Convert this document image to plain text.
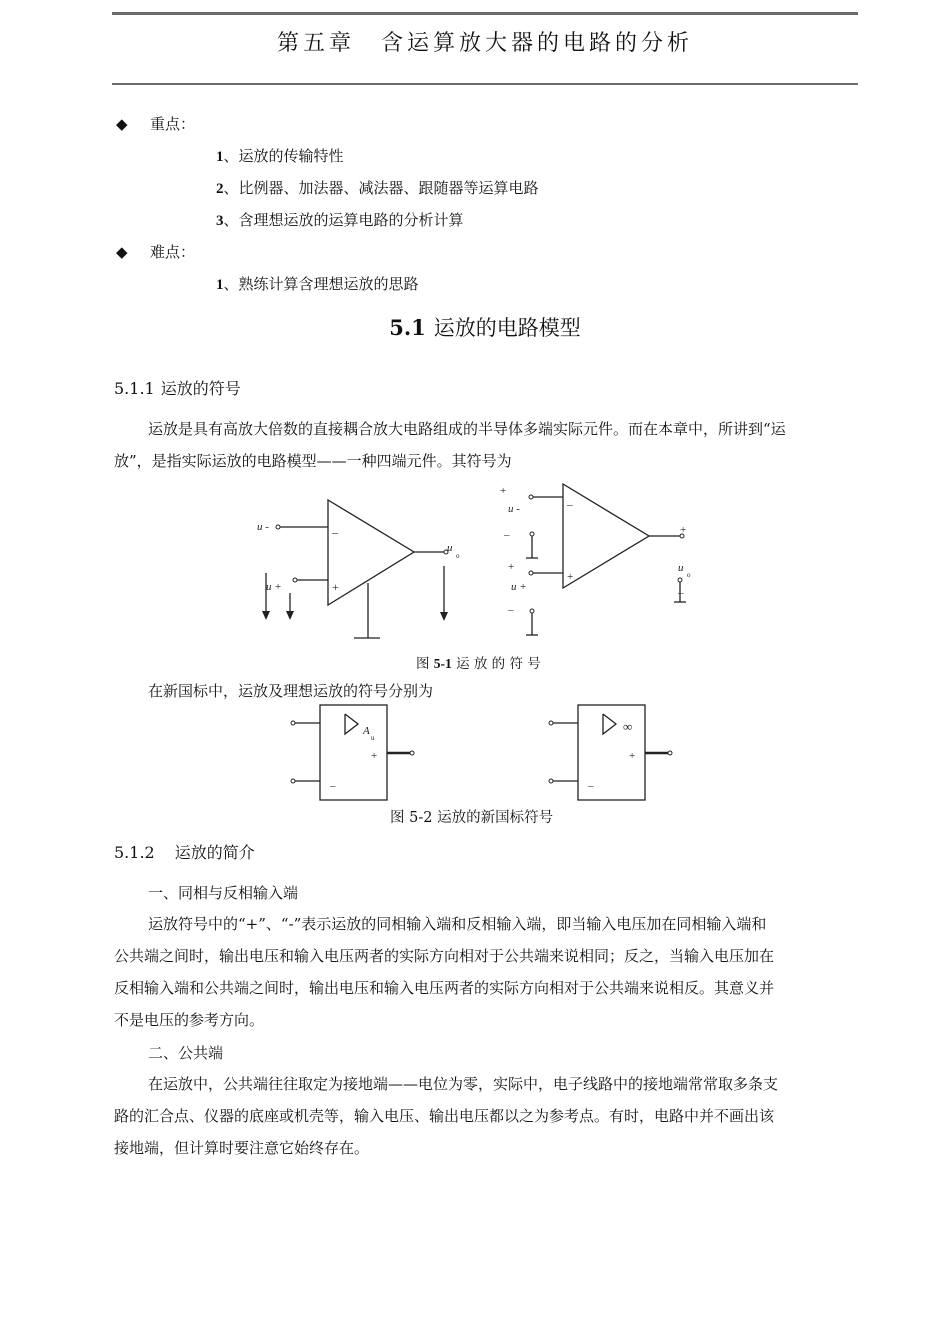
第五章　含运算放大器的电路的分析
◆ 重点：
1、运放的传输特性
2、比例器、加法器、减法器、跟随器等运算电路
3、含理想运放的运算电路的分析计算
◆ 难点：
1、熟练计算含理想运放的思路
5.1 运放的电路模型
5.1.1 运放的符号
运放是具有高放大倍数的直接耦合放大电路组成的半导体多端实际元件。而在本章中，所讲到“运
放”，是指实际运放的电路模型——一种四端元件。其符号为
u -
u +
u
o
–
+
+
u -
–
+
u +
–
–
+
+
u
–
o
图 5-1 运 放 的 符 号
在新国标中，运放及理想运放的符号分别为
A
u
+
–
∞
+
–
图 5-2 运放的新国标符号
5.1.2 运放的简介
一、同相与反相输入端
运放符号中的“+”、“-”表示运放的同相输入端和反相输入端，即当输入电压加在同相输入端和
公共端之间时，输出电压和输入电压两者的实际方向相对于公共端来说相同；反之，当输入电压加在
反相输入端和公共端之间时，输出电压和输入电压两者的实际方向相对于公共端来说相反。其意义并
不是电压的参考方向。
二、公共端
在运放中，公共端往往取定为接地端——电位为零，实际中，电子线路中的接地端常常取多条支
路的汇合点、仪器的底座或机壳等，输入电压、输出电压都以之为参考点。有时，电路中并不画出该
接地端，但计算时要注意它始终存在。
